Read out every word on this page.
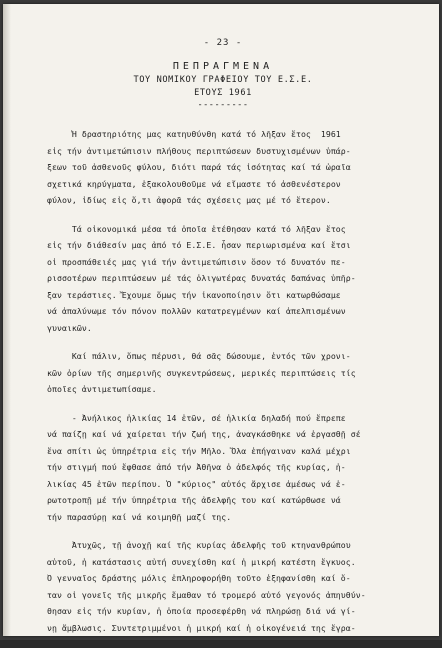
- 23 -
ΠΕΠΡΑΓΜΕΝΑ
ΤΟΥ ΝΟΜΙΚΟΥ ΓΡΑΦΕΙΟΥ ΤΟΥ Ε.Σ.Ε.
ΕΤΟΥΣ 1961
---------
Ἡ δραστηριότης μας κατηυθύνθη κατά τό λῆξαν ἔτος  1961
εἰς τήν ἀντιμετώπισιν πλήθους περιπτώσεων δυστυχισμένων ὑπάρ-
ξεων τοῦ ἀσθενοῦς φύλου, διότι παρά τάς ἰσότητας καί τά ὡραῖα
σχετικά κηρύγματα, ἐξακολουθοῦμε νά εἴμαστε τό ἀσθενέστερον
φύλον, ἰδίως εἰς ὅ,τι ἀφορᾶ τάς σχέσεις μας μέ τό ἕτερον.
Τά οἰκονομικά μέσα τά ὁποῖα ἐτέθησαν κατά τό λῆξαν ἔτος
εἰς τήν διάθεσίν μας ἀπό τό Ε.Σ.Ε. ἦσαν περιωρισμένα καί ἔτσι
οἱ προσπάθειές μας γιά τήν ἀντιμετώπισιν ὅσον τό δυνατόν πε-
ρισσοτέρων περιπτώσεων μέ τάς ὀλιγωτέρας δυνατάς δαπάνας ὑπῆρ-
ξαν τεράστιες. Ἔχουμε ὅμως τήν ἱκανοποίησιν ὅτι κατωρθώσαμε
νά ἀπαλύνωμε τόν πόνον πολλῶν κατατρεγμένων καί ἀπελπισμένων
γυναικῶν.
Καί πάλιν, ὅπως πέρυσι, θά σᾶς δώσουμε, ἐντός τῶν χρονι-
κῶν ὁρίων τῆς σημερινῆς συγκεντρώσεως, μερικές περιπτώσεις τίς
ὁποῖες ἀντιμετωπίσαμε.
- Ἀνήλικος ἡλικίας 14 ἐτῶν, σέ ἡλικία δηλαδή πού ἔπρεπε
νά παίζῃ καί νά χαίρεται τήν ζωή της, ἀναγκάσθηκε νά ἐργασθῇ σέ
ἕνα σπίτι ὡς ὑπηρέτρια εἰς τήν Μῆλο. Ὅλα ἐπήγαιναν καλά μέχρι
τήν στιγμή πού ἔφθασε ἀπό τήν Ἀθῆνα ὁ ἀδελφός τῆς κυρίας, ἡ-
λικίας 45 ἐτῶν περίπου. Ὁ "κύριος" αὐτός ἄρχισε ἀμέσως νά ἐ-
ρωτοτροπῇ μέ τήν ὑπηρέτρια τῆς ἀδελφῆς του καί κατώρθωσε νά
τήν παρασύρῃ καί νά κοιμηθῇ μαζί της.
Ἀτυχῶς, τῇ ἀνοχῇ καί τῆς κυρίας ἀδελφῆς τοῦ κτηνανθρώπου
αὐτοῦ, ἡ κατάστασις αὐτή συνεχίσθη καί ἡ μικρή κατέστη ἔγκυος.
Ὁ γενναῖος δράστης μόλις ἐπληροφορήθη τοῦτο ἐξηφανίσθη καί ὅ-
ταν οἱ γονεῖς τῆς μικρῆς ἔμαθαν τό τρομερό αὐτό γεγονός ἀπηυθύν-
θησαν εἰς τήν κυρίαν, ἡ ὁποία προσεφέρθη νά πληρώσῃ διά νά γί-
νῃ ἄμβλωσις. Συντετριμμένοι ἡ μικρή καί ἡ οἰκογένειά της ἔγρα-
